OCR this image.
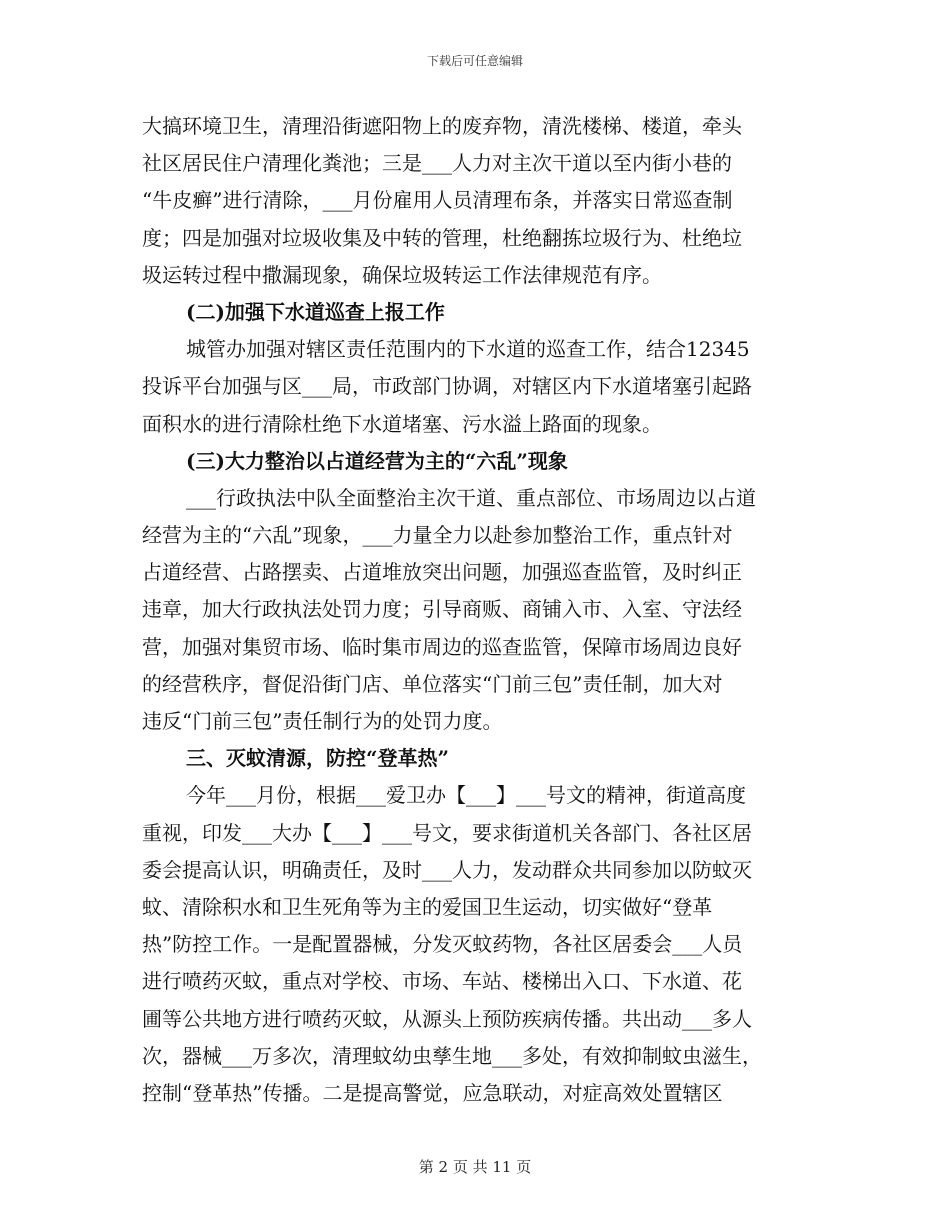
下载后可任意编辑
大搞环境卫生，清理沿街遮阳物上的废弃物，清洗楼梯、楼道，牵头
社区居民住户清理化粪池；三是___人力对主次干道以至内街小巷的
“牛皮癣”进行清除，___月份雇用人员清理布条，并落实日常巡查制
度；四是加强对垃圾收集及中转的管理，杜绝翻拣垃圾行为、杜绝垃
圾运转过程中撒漏现象，确保垃圾转运工作法律规范有序。
(二)加强下水道巡查上报工作
城管办加强对辖区责任范围内的下水道的巡查工作，结合12345
投诉平台加强与区___局，市政部门协调，对辖区内下水道堵塞引起路
面积水的进行清除杜绝下水道堵塞、污水溢上路面的现象。
(三)大力整治以占道经营为主的“六乱”现象
___行政执法中队全面整治主次干道、重点部位、市场周边以占道
经营为主的“六乱”现象，___力量全力以赴参加整治工作，重点针对
占道经营、占路摆卖、占道堆放突出问题，加强巡查监管，及时纠正
违章，加大行政执法处罚力度；引导商贩、商铺入市、入室、守法经
营，加强对集贸市场、临时集市周边的巡查监管，保障市场周边良好
的经营秩序，督促沿街门店、单位落实“门前三包”责任制，加大对
违反“门前三包”责任制行为的处罚力度。
三、灭蚊清源，防控“登革热”
今年___月份，根据___爱卫办【___】___号文的精神，街道高度
重视，印发___大办【___】___号文，要求街道机关各部门、各社区居
委会提高认识，明确责任，及时___人力，发动群众共同参加以防蚊灭
蚊、清除积水和卫生死角等为主的爱国卫生运动，切实做好“登革
热”防控工作。一是配置器械，分发灭蚊药物，各社区居委会___人员
进行喷药灭蚊，重点对学校、市场、车站、楼梯出入口、下水道、花
圃等公共地方进行喷药灭蚊，从源头上预防疾病传播。共出动___多人
次，器械___万多次，清理蚊幼虫孳生地___多处，有效抑制蚊虫滋生，
控制“登革热”传播。二是提高警觉，应急联动，对症高效处置辖区
第 2 页 共 11 页
